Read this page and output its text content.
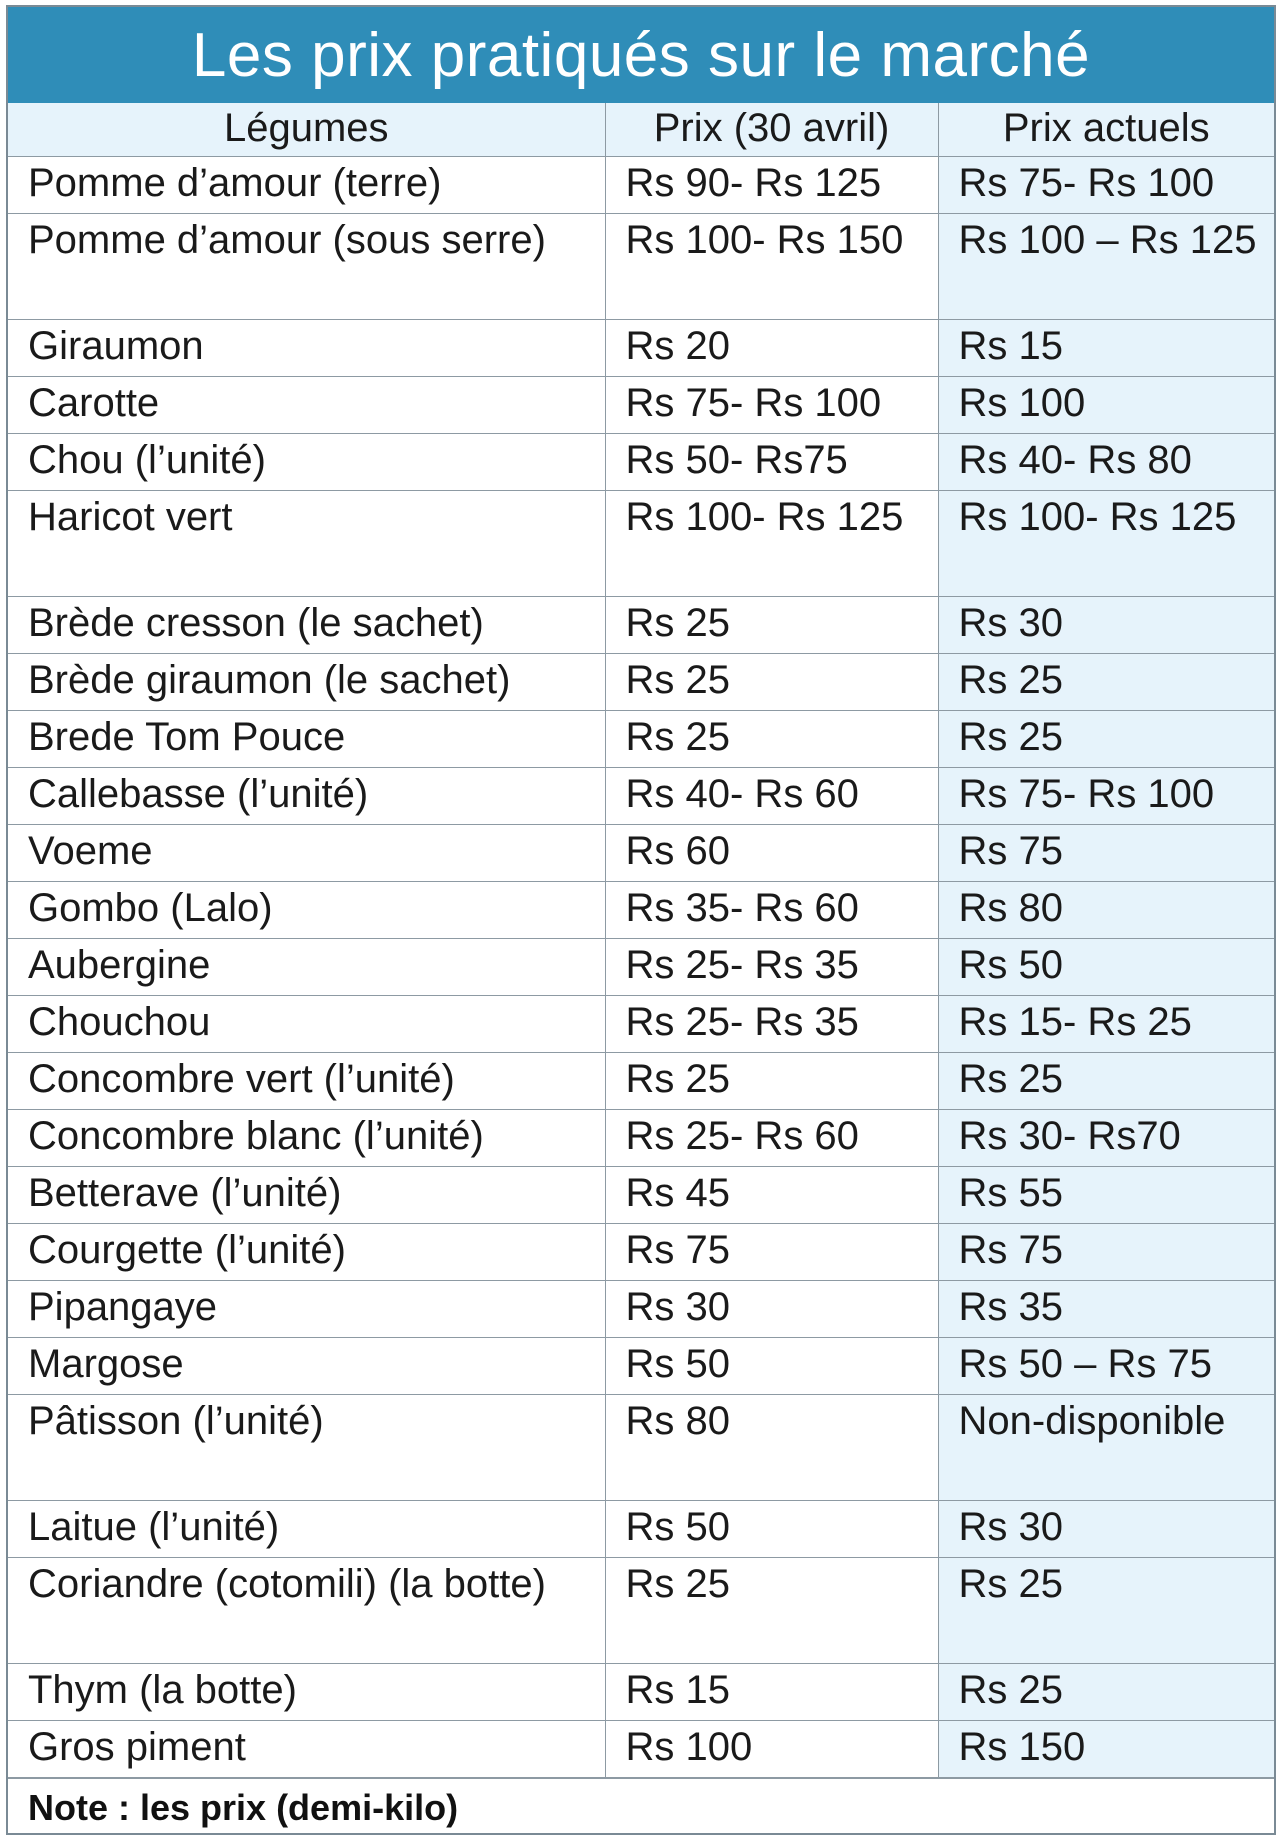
Les prix pratiqués sur le marché
Légumes	Prix (30 avril)	Prix actuels
Pomme d’amour (terre)	Rs 90- Rs 125	Rs 75- Rs 100
Pomme d’amour (sous serre)	Rs 100- Rs 150	Rs 100 – Rs 125
Giraumon	Rs 20	Rs 15
Carotte	Rs 75- Rs 100	Rs 100
Chou (l’unité)	Rs 50- Rs75	Rs 40- Rs 80
Haricot vert	Rs 100- Rs 125	Rs 100- Rs 125
Brède cresson (le sachet)	Rs 25	Rs 30
Brède giraumon (le sachet)	Rs 25	Rs 25
Brede Tom Pouce	Rs 25	Rs 25
Callebasse (l’unité)	Rs 40- Rs 60	Rs 75- Rs 100
Voeme	Rs 60	Rs 75
Gombo (Lalo)	Rs 35- Rs 60	Rs 80
Aubergine	Rs 25- Rs 35	Rs 50
Chouchou	Rs 25- Rs 35	Rs 15- Rs 25
Concombre vert (l’unité)	Rs 25	Rs 25
Concombre blanc (l’unité)	Rs 25- Rs 60	Rs 30- Rs70
Betterave (l’unité)	Rs 45	Rs 55
Courgette (l’unité)	Rs 75	Rs 75
Pipangaye	Rs 30	Rs 35
Margose	Rs 50	Rs 50 – Rs 75
Pâtisson (l’unité)	Rs 80	Non-disponible
Laitue (l’unité)	Rs 50	Rs 30
Coriandre (cotomili) (la botte)	Rs 25	Rs 25
Thym (la botte)	Rs 15	Rs 25
Gros piment	Rs 100	Rs 150
Note : les prix (demi-kilo)
